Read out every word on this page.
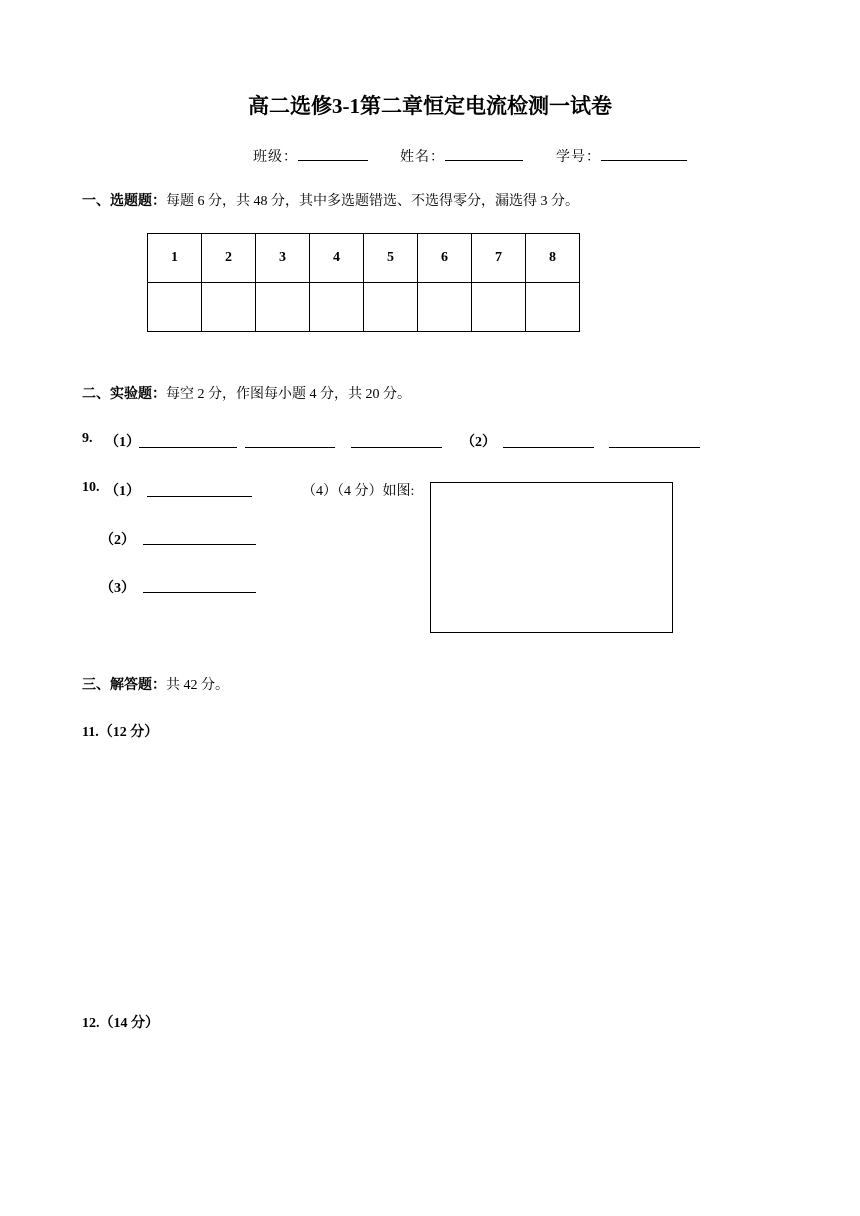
高二选修3-1第二章恒定电流检测一试卷
班级：	姓名：	学号：
一、选题题：每题 6 分，共 48 分，其中多选题错选、不选得零分，漏选得 3 分。
1	2	3	4	5	6	7	8

二、实验题：每空 2 分，作图每小题 4 分，共 20 分。
9. （1）	（2）
10. （1）
（2）
（3）
（4）（4 分）如图:
三、解答题：共 42 分。
11.（12 分）
12.（14 分）
